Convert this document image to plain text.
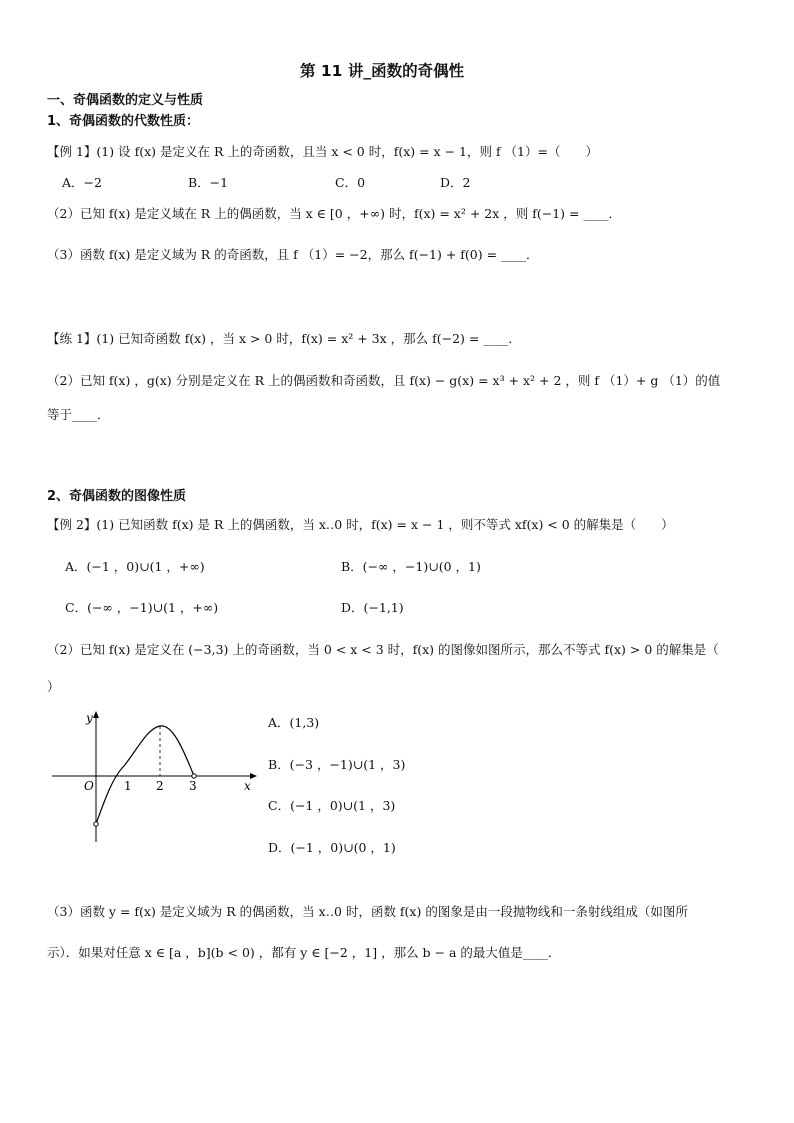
第 11 讲_函数的奇偶性
一、奇偶函数的定义与性质
1、奇偶函数的代数性质：
【例 1】(1) 设 f(x) 是定义在 R 上的奇函数，且当 x < 0 时，f(x) = x − 1，则 f （1）=（　　）
A．−2	B．−1	C．0	D．2
（2）已知 f(x) 是定义域在 R 上的偶函数，当 x ∈ [0 ，+∞) 时，f(x) = x² + 2x ，则 f(−1) = ____．
（3）函数 f(x) 是定义域为 R 的奇函数，且 f （1）= −2，那么 f(−1) + f(0) = ____．
【练 1】(1) 已知奇函数 f(x) ，当 x > 0 时，f(x) = x² + 3x ，那么 f(−2) = ____．
（2）已知 f(x) ，g(x) 分别是定义在 R 上的偶函数和奇函数，且 f(x) − g(x) = x³ + x² + 2 ，则 f （1）+ g （1）的值
等于____．
2、奇偶函数的图像性质
【例 2】(1) 已知函数 f(x) 是 R 上的偶函数，当 x‥0 时，f(x) = x − 1 ，则不等式 xf(x) < 0 的解集是（　　）
A．(−1 ，0)∪(1 ，+∞)	B．(−∞ ，−1)∪(0 ，1)
C．(−∞ ，−1)∪(1 ，+∞)	D．(−1,1)
（2）已知 f(x) 是定义在 (−3,3) 上的奇函数，当 0 < x < 3 时，f(x) 的图像如图所示，那么不等式 f(x) > 0 的解集是（
）
y
x
O	1 2 3
A．(1,3)
B．(−3 ，−1)∪(1 ，3)
C．(−1 ，0)∪(1 ，3)
D．(−1 ，0)∪(0 ，1)
（3）函数 y = f(x) 是定义域为 R 的偶函数，当 x‥0 时，函数 f(x) 的图象是由一段抛物线和一条射线组成（如图所
示）．如果对任意 x ∈ [a ，b](b < 0) ，都有 y ∈ [−2 ，1] ，那么 b − a 的最大值是____．
